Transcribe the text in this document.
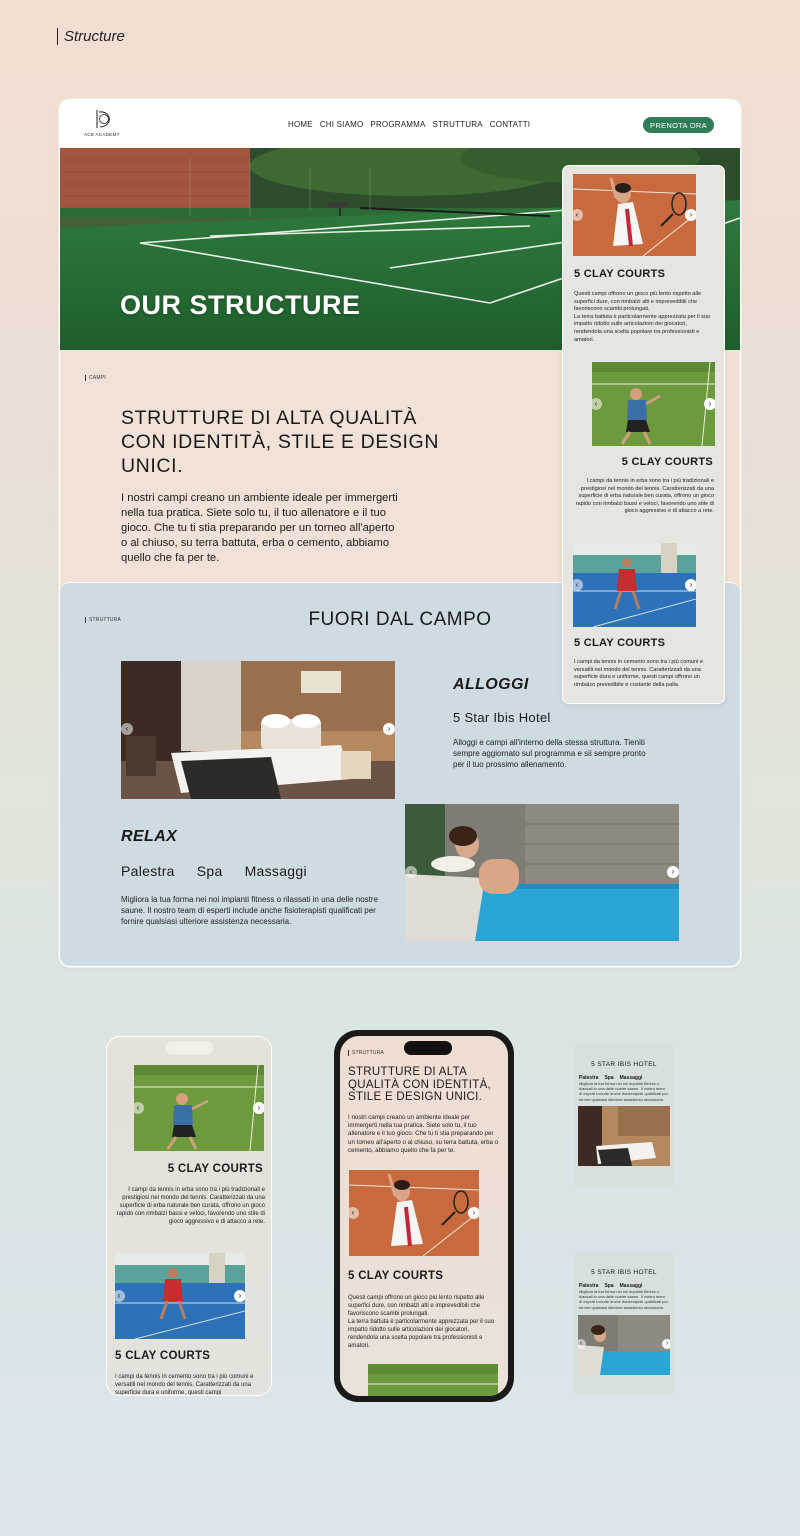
Structure
ACE ACADEMY
HOME CHI SIAMO PROGRAMMA STRUTTURA CONTATTI	PRENOTA ORA
OUR STRUCTURE
CAMPI
STRUTTURE DI ALTA QUALITÀ CON IDENTITÀ, STILE E DESIGN UNICI.
I nostri campi creano un ambiente ideale per immergerti nella tua pratica. Siete solo tu, il tuo allenatore e il tuo gioco. Che tu ti stia preparando per un torneo all'aperto o al chiuso, su terra battuta, erba o cemento, abbiamo quello che fa per te.
STRUTTURA	FUORI DAL CAMPO
‹	›
ALLOGGI
5 Star Ibis Hotel
Alloggi e campi all'interno della stessa struttura. Tieniti sempre aggiornato sul programma e sii sempre pronto per il tuo prossimo allenamento.
RELAX
Palestra Spa Massaggi
Migliora la tua forma nei noi impianti fitness o rilassati in una delle nostre saune. Il nostro team di esperti include anche fisioterapisti qualificati per fornire qualsiasi ulteriore assistenza necessaria.
‹	›
‹	›
5 CLAY COURTS
Questi campi offrono un gioco più lento rispetto alle superfici dure, con rimbalzi alti e imprevedibili che favoriscono scambi prolungati.
La terra battuta è particolarmente apprezzata per il suo impatto ridotto sulle articolazioni dei giocatori, rendendola una scelta popolare tra professionisti e amatori.
‹	›
5 CLAY COURTS
I campi da tennis in erba sono tra i più tradizionali e prestigiosi nel mondo del tennis. Caratterizzati da una superficie di erba naturale ben curata, offrono un gioco rapido con rimbalzi bassi e veloci, favorendo uno stile di gioco aggressivo e di attacco a rete.
‹	›
5 CLAY COURTS
I campi da tennis in cemento sono tra i più comuni e versatili nel mondo del tennis. Caratterizzati da una superficie dura e uniforme, questi campi offrono un rimbalzo prevedibile e costante della palla.
‹	›
5 CLAY COURTS
I campi da tennis in erba sono tra i più tradizionali e prestigiosi nel mondo del tennis. Caratterizzati da una superficie di erba naturale ben curata, offrono un gioco rapido con rimbalzi bassi e veloci, favorendo uno stile di gioco aggressivo e di attacco a rete.
‹	›
5 CLAY COURTS
I campi da tennis in cemento sono tra i più comuni e versatili nel mondo del tennis. Caratterizzati da una superficie dura e uniforme, questi campi
STRUTTURA
STRUTTURE DI ALTA QUALITÀ CON IDENTITÀ, STILE E DESIGN UNICI.
I nostri campi creano un ambiente ideale per immergerti nella tua pratica. Siete solo tu, il tuo allenatore e il tuo gioco. Che tu ti stia preparando per un torneo all'aperto o al chiuso, su terra battuta, erba o cemento, abbiamo quello che fa per te.
‹	›
5 CLAY COURTS
Questi campi offrono un gioco più lento rispetto alle superfici dure, con rimbalzi alti e imprevedibili che favoriscono scambi prolungati.
La terra battuta è particolarmente apprezzata per il suo impatto ridotto sulle articolazioni dei giocatori, rendendola una scelta popolare tra professionisti e amatori.
5 STAR IBIS HOTEL
Palestra Spa Massaggi
Migliora la tua forma nei noi impianti fitness o rilassati in una delle nostre saune. Il nostro team di esperti include anche fisioterapisti qualificati per fornire qualsiasi ulteriore assistenza necessaria.
5 STAR IBIS HOTEL
Palestra Spa Massaggi
Migliora la tua forma nei noi impianti fitness o rilassati in una delle nostre saune. Il nostro team di esperti include anche fisioterapisti qualificati per fornire qualsiasi ulteriore assistenza necessaria.
‹	›
